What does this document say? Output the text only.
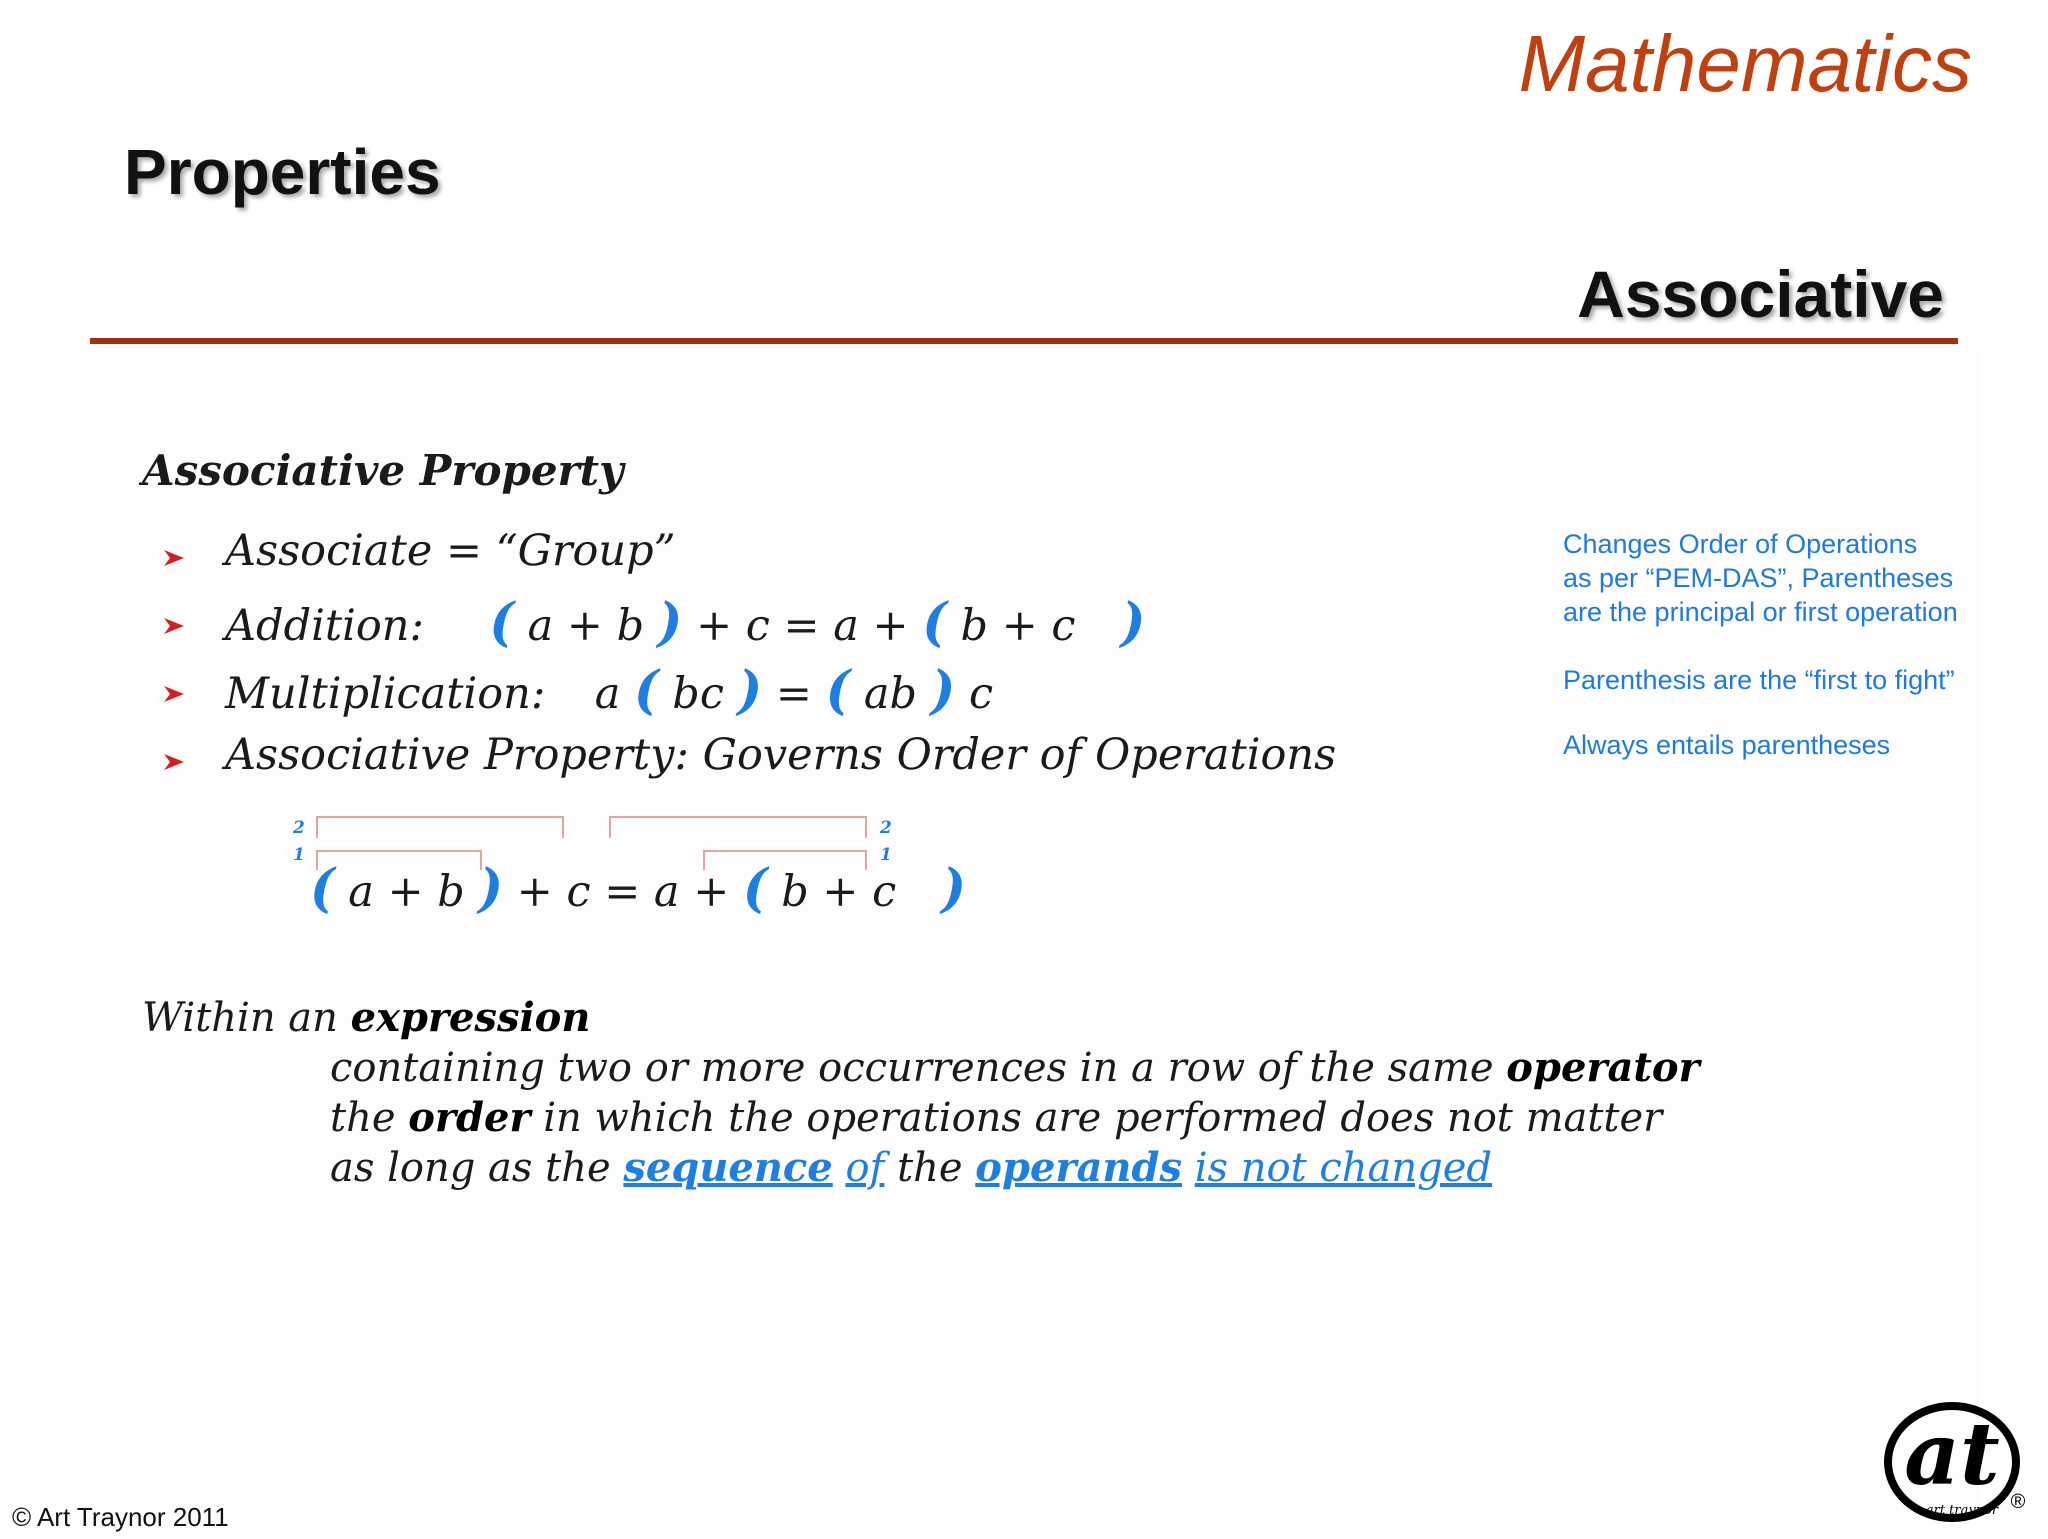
Mathematics
Properties
Associative
Associative Property
Associate = “Group”
Addition: ( a + b ) + c = a + ( b + c )
Multiplication: a ( bc ) = ( ab ) c
Associative Property: Governs Order of Operations
2
1
2
1
( a + b ) + c = a + ( b + c )
Within an expression
containing two or more occurrences in a row of the same operator
the order in which the operations are performed does not matter
as long as the sequence of the operands is not changed
Changes Order of Operations
as per “PEM-DAS”, Parentheses
are the principal or first operation
Parenthesis are the “first to fight”
Always entails parentheses
© Art Traynor 2011
at
art traynor ®
